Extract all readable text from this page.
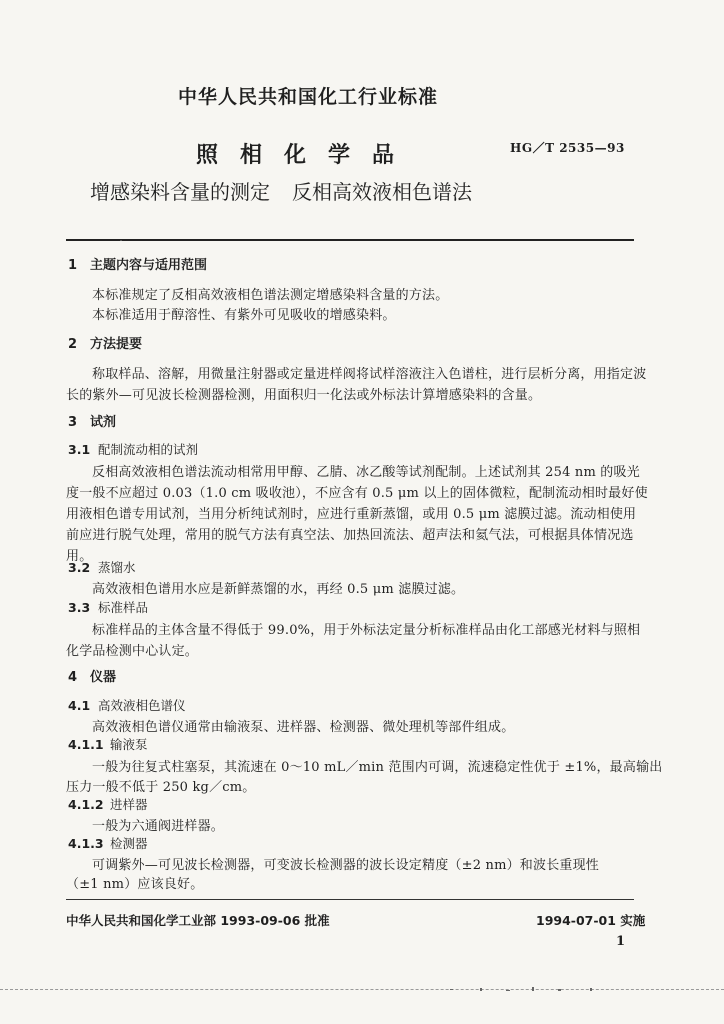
中华人民共和国化工行业标准
照相化学品	HG／T 2535—93
增感染料含量的测定 反相高效液相色谱法
1 主题内容与适用范围
本标准规定了反相高效液相色谱法测定增感染料含量的方法。
本标准适用于醇溶性、有紫外可见吸收的增感染料。
2 方法提要
称取样品、溶解，用微量注射器或定量进样阀将试样溶液注入色谱柱，进行层析分离，用指定波
长的紫外—可见波长检测器检测，用面积归一化法或外标法计算增感染料的含量。
3 试剂
3.1 配制流动相的试剂
反相高效液相色谱法流动相常用甲醇、乙腈、冰乙酸等试剂配制。上述试剂其 254 nm 的吸光
度一般不应超过 0.03（1.0 cm 吸收池），不应含有 0.5 μm 以上的固体微粒，配制流动相时最好使
用液相色谱专用试剂，当用分析纯试剂时，应进行重新蒸馏，或用 0.5 μm 滤膜过滤。流动相使用
前应进行脱气处理，常用的脱气方法有真空法、加热回流法、超声法和氦气法，可根据具体情况选
用。
3.2 蒸馏水
高效液相色谱用水应是新鲜蒸馏的水，再经 0.5 μm 滤膜过滤。
3.3 标准样品
标准样品的主体含量不得低于 99.0%，用于外标法定量分析标准样品由化工部感光材料与照相
化学品检测中心认定。
4 仪器
4.1 高效液相色谱仪
高效液相色谱仪通常由输液泵、进样器、检测器、微处理机等部件组成。
4.1.1 输液泵
一般为往复式柱塞泵，其流速在 0～10 mL／min 范围内可调，流速稳定性优于 ±1%，最高输出
压力一般不低于 250 kg／cm。
4.1.2 进样器
一般为六通阀进样器。
4.1.3 检测器
可调紫外—可见波长检测器，可变波长检测器的波长设定精度（±2 nm）和波长重现性
（±1 nm）应该良好。
中华人民共和国化学工业部 1993-09-06 批准	1994-07-01 实施
1
